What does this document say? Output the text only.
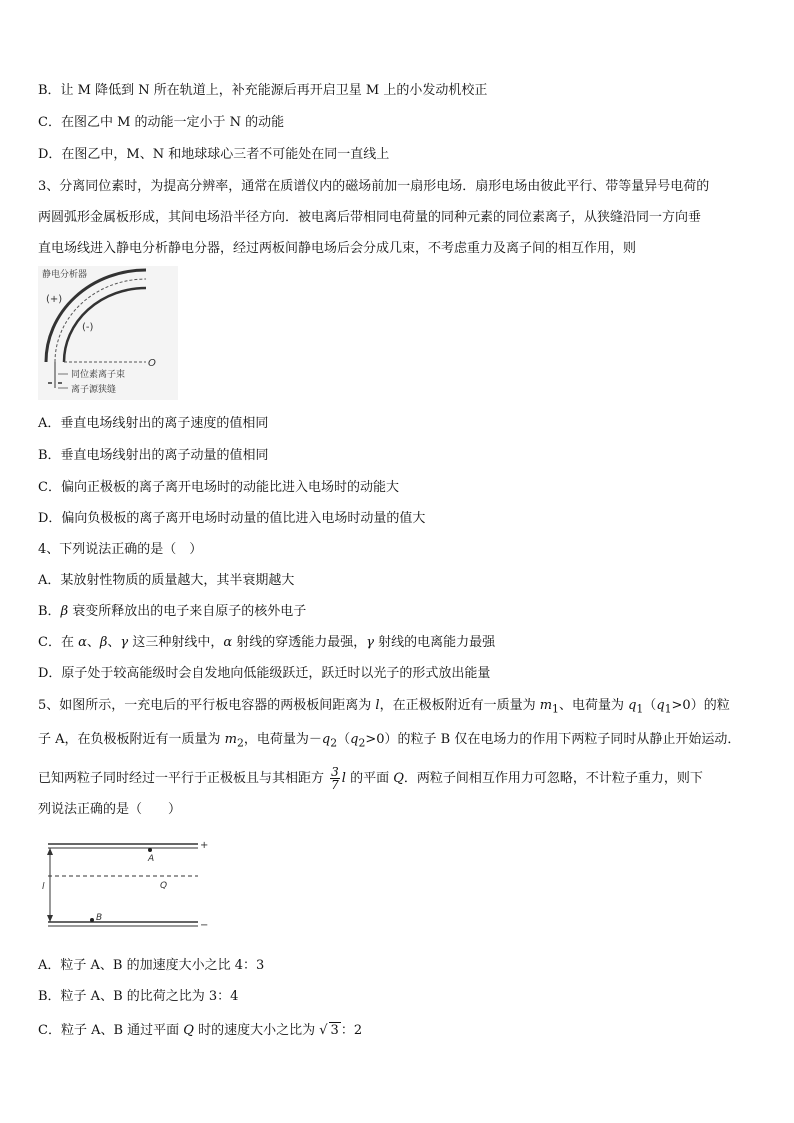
B．让 M 降低到 N 所在轨道上，补充能源后再开启卫星 M 上的小发动机校正
C．在图乙中 M 的动能一定小于 N 的动能
D．在图乙中，M、N 和地球球心三者不可能处在同一直线上
3、分离同位素时，为提高分辨率，通常在质谱仪内的磁场前加一扇形电场．扇形电场由彼此平行、带等量异号电荷的
两圆弧形金属板形成，其间电场沿半径方向．被电离后带相同电荷量的同种元素的同位素离子，从狭缝沿同一方向垂
直电场线进入静电分析静电分器，经过两板间静电场后会分成几束，不考虑重力及离子间的相互作用，则
静电分析器
(+)
(-)
O
同位素离子束
离子源狭缝
A．垂直电场线射出的离子速度的值相同
B．垂直电场线射出的离子动量的值相同
C．偏向正极板的离子离开电场时的动能比进入电场时的动能大
D．偏向负极板的离子离开电场时动量的值比进入电场时动量的值大
4、下列说法正确的是（　）
A．某放射性物质的质量越大，其半衰期越大
B．β 衰变所释放出的电子来自原子的核外电子
C．在 α、β、γ 这三种射线中，α 射线的穿透能力最强，γ 射线的电离能力最强
D．原子处于较高能级时会自发地向低能级跃迁，跃迁时以光子的形式放出能量
5、如图所示，一充电后的平行板电容器的两极板间距离为 l，在正极板附近有一质量为 $m_1$、电荷量为 $q_1(q_1>0)$的粒
子 A，在负极板附近有一质量为 $m_2$，电荷量为$-q_2(q_2>0)$的粒子 B 仅在电场力的作用下两粒子同时从静止开始运动．
已知两粒子同时经过一平行于正极板且与其相距方 $\frac{3}{7}$ l 的平面 Q．两粒子间相互作用力可忽略，不计粒子重力，则下
列说法正确的是（　　）
A
B
Q
l
+
−
A．粒子 A、B 的加速度大小之比 4：3
B．粒子 A、B 的比荷之比为 3：4
C．粒子 A、B 通过平面 Q 时的速度大小之比为 √ 3 ：2
